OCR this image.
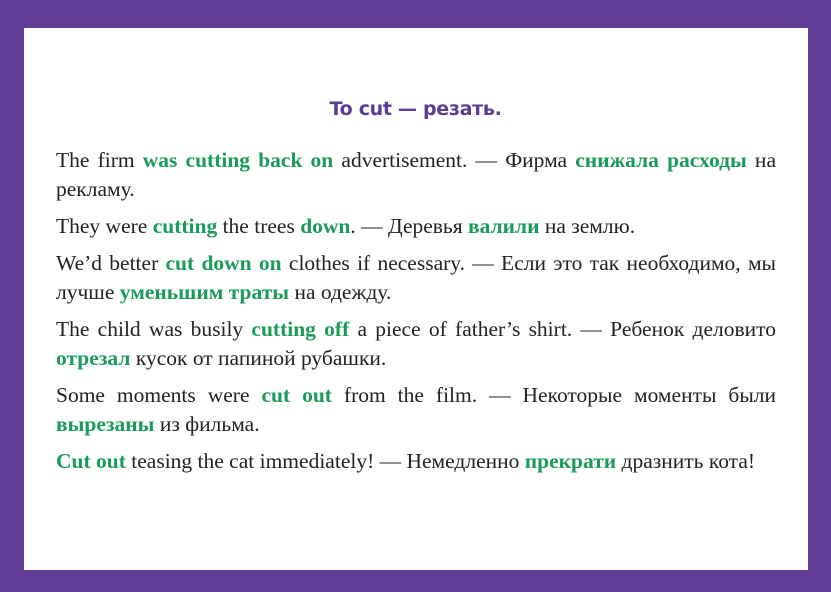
To cut — резать.

The firm was cutting back on advertisement. — Фирма снижала расходы на рекламу.

They were cutting the trees down. — Деревья валили на землю.

We’d better cut down on clothes if necessary. — Если это так необходимо, мы лучше уменьшим траты на одежду.

The child was busily cutting off a piece of father’s shirt. — Ребенок деловито отрезал кусок от папиной рубашки.

Some moments were cut out from the film. — Некоторые моменты были вырезаны из фильма.

Cut out teasing the cat immediately! — Немедленно прекрати дразнить кота!
